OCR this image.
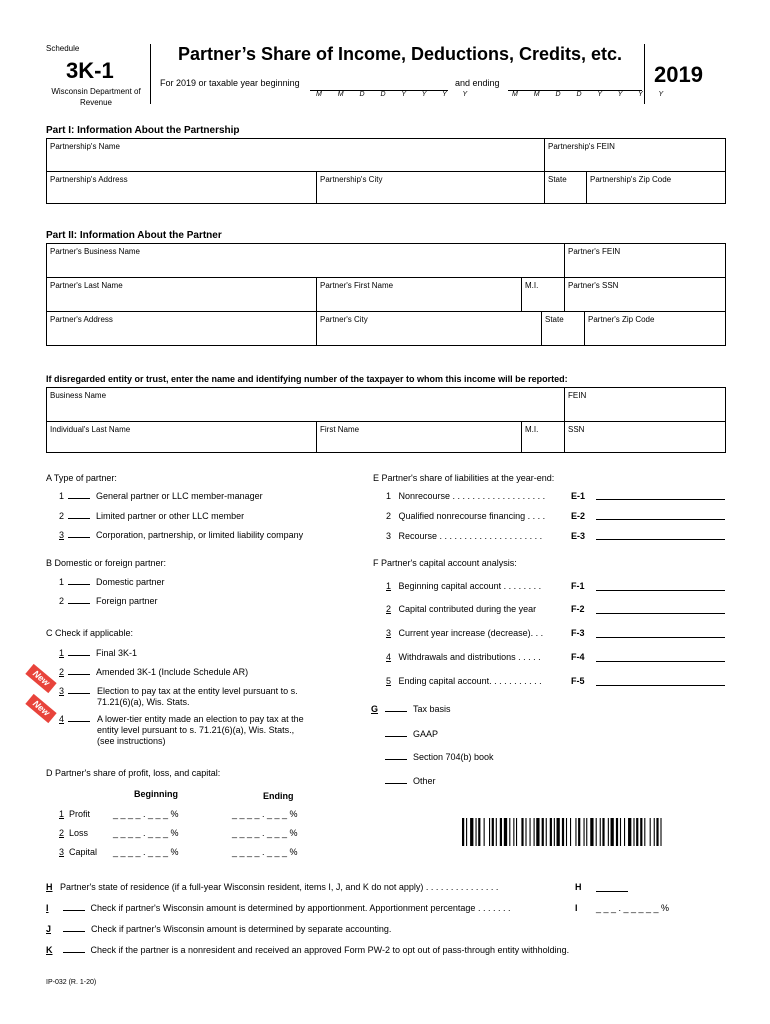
Schedule
3K-1
Wisconsin Department of Revenue
Partner’s Share of Income, Deductions, Credits, etc.
2019
For 2019 or taxable year beginning
M M D D Y Y Y Y
and ending
M M D D Y Y Y Y
Part I: Information About the Partnership
Partnership's Name	Partnership's FEIN
Partnership's Address	Partnership's City	State	Partnership's Zip Code
Part II: Information About the Partner
Partner's Business Name	Partner's FEIN
Partner's Last Name	Partner's First Name	M.I.	Partner's SSN
Partner's Address	Partner's City	State	Partner's Zip Code
If disregarded entity or trust, enter the name and identifying number of the taxpayer to whom this income will be reported:
Business Name	FEIN
Individual's Last Name	First Name	M.I.	SSN
A Type of partner:
1	General partner or LLC member-manager
2	Limited partner or other LLC member
3	Corporation, partnership, or limited liability company
B Domestic or foreign partner:
1	Domestic partner
2	Foreign partner
C Check if applicable:
1	Final 3K-1
2	Amended 3K-1 (Include Schedule AR)
3	Election to pay tax at the entity level pursuant to s. 71.21(6)(a), Wis. Stats.
4	A lower-tier entity made an election to pay tax at the entity level pursuant to s. 71.21(6)(a), Wis. Stats., (see instructions)
New
New
D Partner's share of profit, loss, and capital:
Beginning	Ending
1 Profit	_ _ _ _ . _ _ _ %	_ _ _ _ . _ _ _ %
2 Loss	_ _ _ _ . _ _ _ %	_ _ _ _ . _ _ _ %
3 Capital _ _ _ _ . _ _ _ %	_ _ _ _ . _ _ _ %
E Partner's share of liabilities at the year-end:
1 Nonrecourse . . . . . . . . . . . . . . . . . . .	E-1
2 Qualified nonrecourse financing . . . .	E-2
3 Recourse . . . . . . . . . . . . . . . . . . . . .	E-3
F Partner's capital account analysis:
1 Beginning capital account . . . . . . . .	F-1
2 Capital contributed during the year	F-2
3 Current year increase (decrease). . .	F-3
4 Withdrawals and distributions . . . . .	F-4
5 Ending capital account. . . . . . . . . . .	F-5
G	Tax basis
GAAP
Section 704(b) book
Other
H Partner's state of residence (if a full-year Wisconsin resident, items I, J, and K do not apply) . . . . . . . . . . . . . . .	H
I	Check if partner's Wisconsin amount is determined by apportionment. Apportionment percentage . . . . . . .	I _ _ _ . _ _ _ _ _ %
J	Check if partner's Wisconsin amount is determined by separate accounting.
K	Check if the partner is a nonresident and received an approved Form PW-2 to opt out of pass-through entity withholding.
IP-032 (R. 1-20)
